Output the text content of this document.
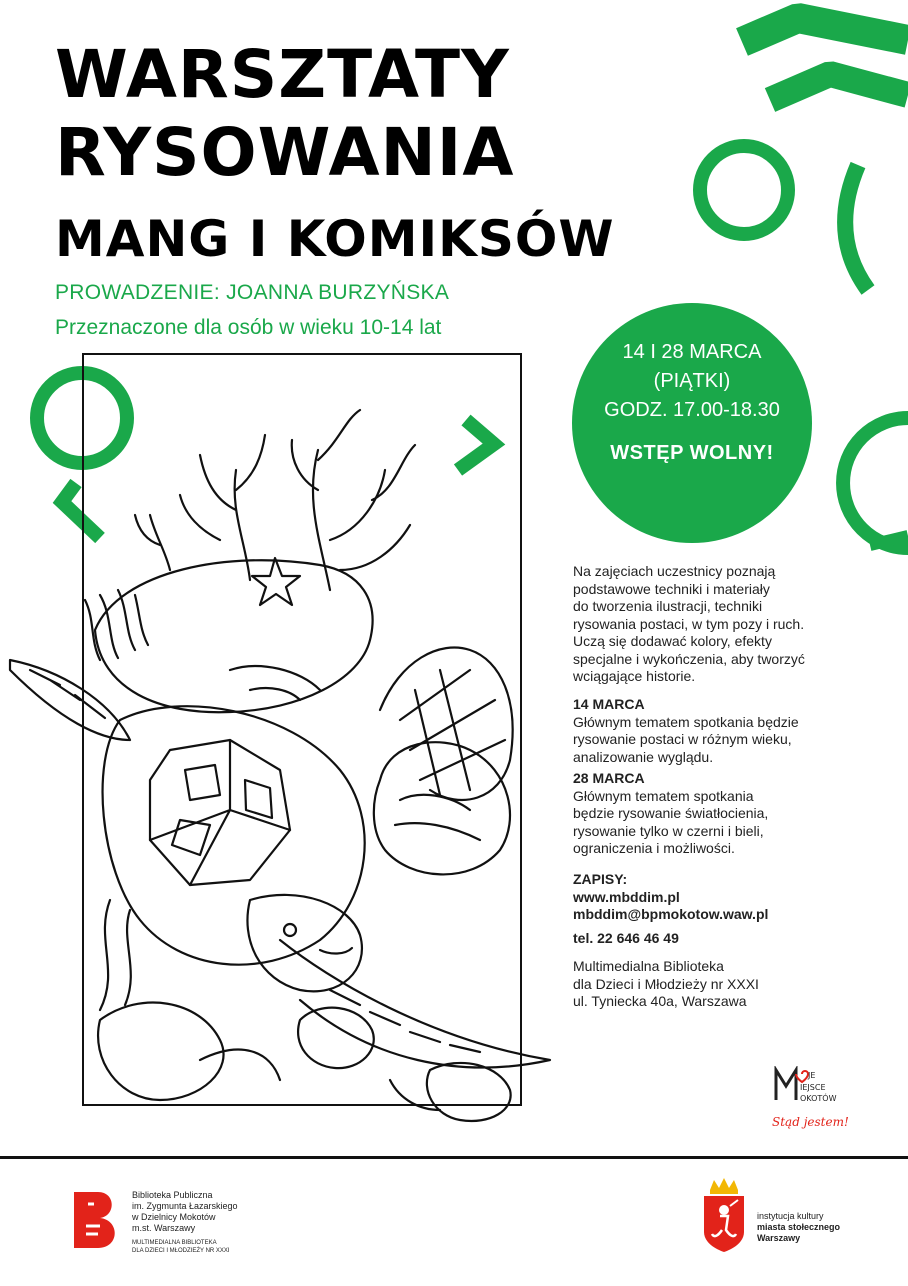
WARSZTATY
RYSOWANIA
MANG I KOMIKSÓW

PROWADZENIE: JOANNA BURZYŃSKA

Przeznaczone dla osób w wieku 10-14 lat

14 I 28 MARCA
(PIĄTKI)
GODZ. 17.00-18.30
WSTĘP WOLNY!

Na zajęciach uczestnicy poznają

podstawowe techniki i materiały

do tworzenia ilustracji, techniki

rysowania postaci, w tym pozy i ruch.

Uczą się dodawać kolory, efekty

specjalne i wykończenia, aby tworzyć

wciągające historie.

14 MARCA

Głównym tematem spotkania będzie

rysowanie postaci w różnym wieku,

analizowanie wyglądu.

28 MARCA

Głównym tematem spotkania

będzie rysowanie światłocienia,

rysowanie tylko w czerni i bieli,

ograniczenia i możliwości.

ZAPISY:

www.mbddim.pl

mbddim@bpmokotow.waw.pl

tel. 22 646 46 49

Multimedialna Biblioteka

dla Dzieci i Młodzieży nr XXXI

ul. Tyniecka 40a, Warszawa

JE
IEJSCE
OKOTÓW
Stąd jestem!
Biblioteka Publiczna
im. Zygmunta Łazarskiego
w Dzielnicy Mokotów
m.st. Warszawy
MULTIMEDIALNA BIBLIOTEKA
DLA DZIECI I MŁODZIEŻY NR XXXI
instytucja kultury
miasta stołecznego
Warszawy
